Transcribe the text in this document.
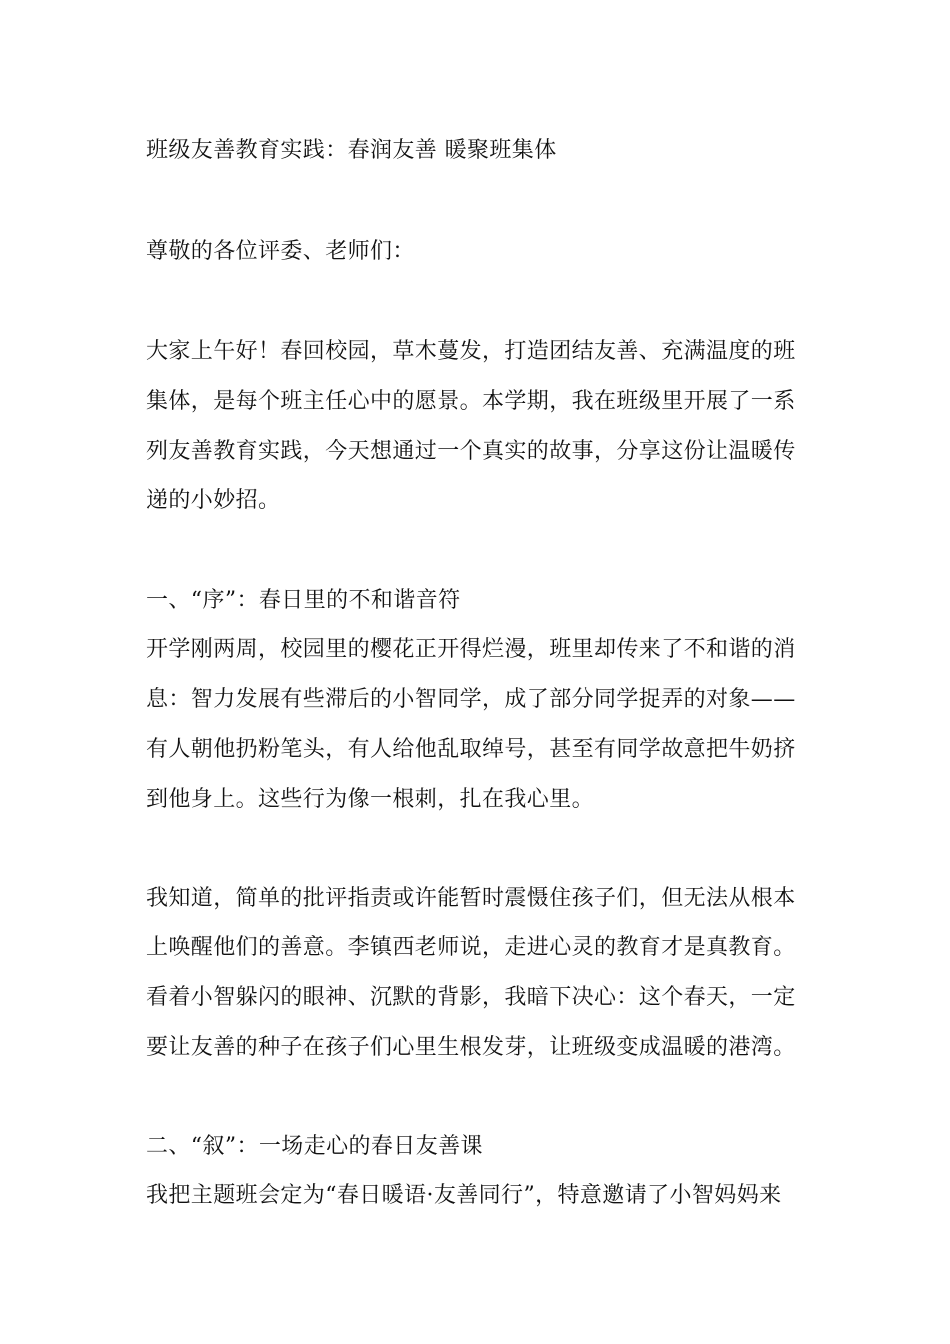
班级友善教育实践：春润友善 暖聚班集体
尊敬的各位评委、老师们：
大家上午好！春回校园，草木蔓发，打造团结友善、充满温度的班
集体，是每个班主任心中的愿景。本学期，我在班级里开展了一系
列友善教育实践，今天想通过一个真实的故事，分享这份让温暖传
递的小妙招。
一、“序”：春日里的不和谐音符
开学刚两周，校园里的樱花正开得烂漫，班里却传来了不和谐的消
息：智力发展有些滞后的小智同学，成了部分同学捉弄的对象——
有人朝他扔粉笔头，有人给他乱取绰号，甚至有同学故意把牛奶挤
到他身上。这些行为像一根刺，扎在我心里。
我知道，简单的批评指责或许能暂时震慑住孩子们，但无法从根本
上唤醒他们的善意。李镇西老师说，走进心灵的教育才是真教育。
看着小智躲闪的眼神、沉默的背影，我暗下决心：这个春天，一定
要让友善的种子在孩子们心里生根发芽，让班级变成温暖的港湾。
二、“叙”：一场走心的春日友善课
我把主题班会定为“春日暖语·友善同行”，特意邀请了小智妈妈来
